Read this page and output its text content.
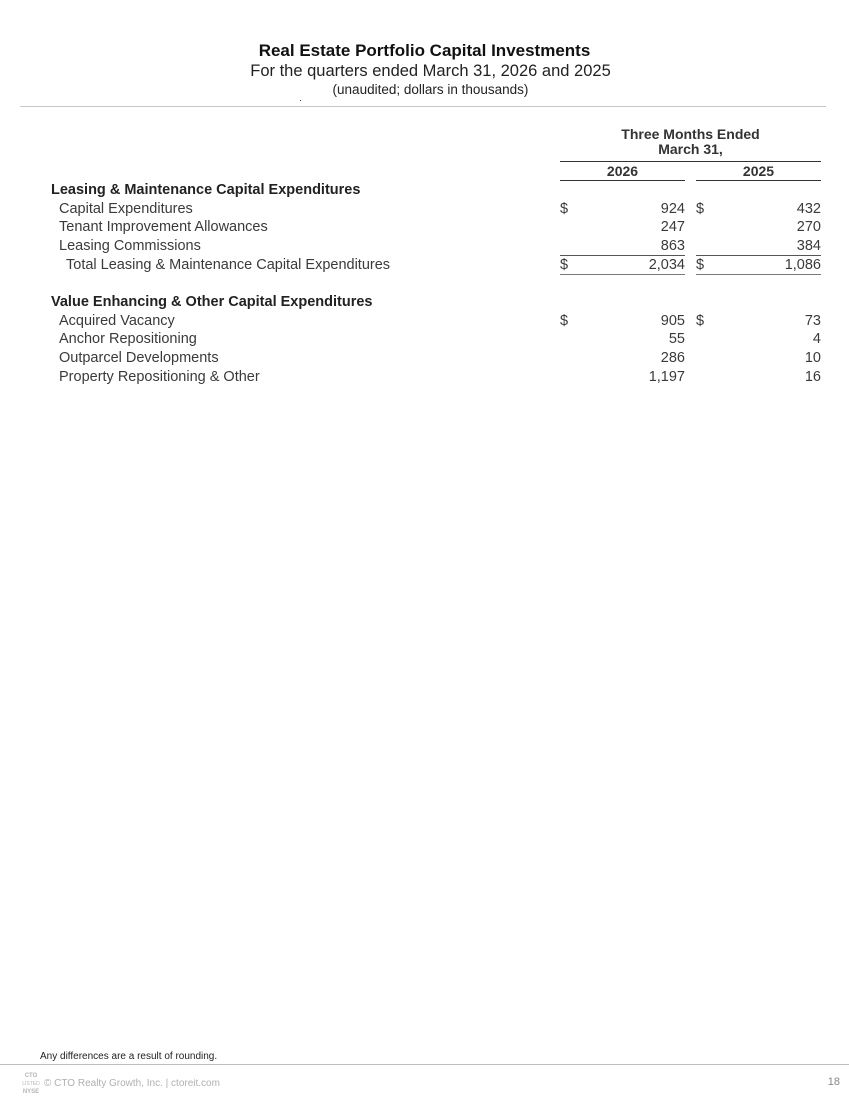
Real Estate Portfolio Capital Investments
For the quarters ended March 31, 2026 and 2025
(unaudited; dollars in thousands)
Three Months Ended
March 31,
2026	2025
Leasing & Maintenance Capital Expenditures
Capital Expenditures	$	924 $	432
Tenant Improvement Allowances	247	270
Leasing Commissions	863	384
Total Leasing & Maintenance Capital Expenditures	$	2,034 $	1,086
Value Enhancing & Other Capital Expenditures
Acquired Vacancy	$	905 $	73
Anchor Repositioning	55	4
Outparcel Developments	286	10
Property Repositioning & Other	1,197	16
Any differences are a result of rounding.
CTO
LISTED
NYSE
© CTO Realty Growth, Inc. | ctoreit.com	18
